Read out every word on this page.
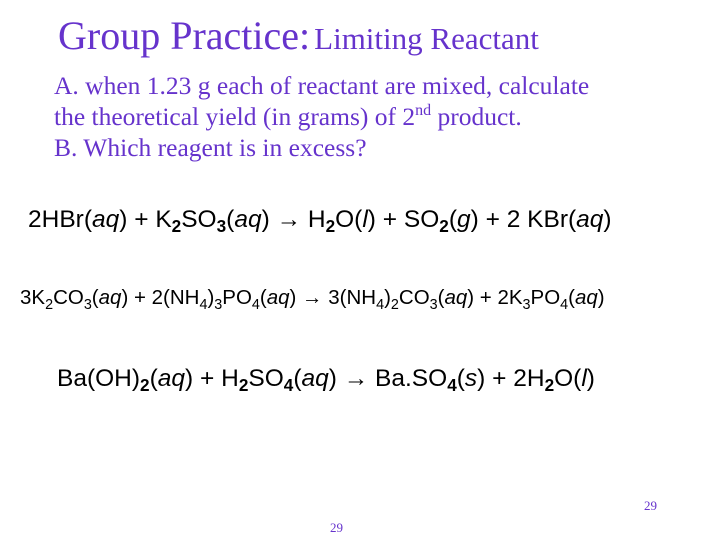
Group Practice: Limiting Reactant
A. when 1.23 g each of reactant are mixed, calculate
the theoretical yield (in grams) of 2nd product.
B. Which reagent is in excess?
$2HBr(aq) + K_2SO_3(aq) \to H_2O(l) + SO_2(g) + 2$ KBr(aq)
$3K_2CO_3(aq) + 2(NH_4)_3PO_4(aq) \to 3(NH_4)_2CO_3(aq) + 2K_3PO_4(aq)$
$Ba(OH)_2(aq) + H_2SO_4(aq) \to Ba.SO_4(s) + 2H_2O(l)$
29
29
